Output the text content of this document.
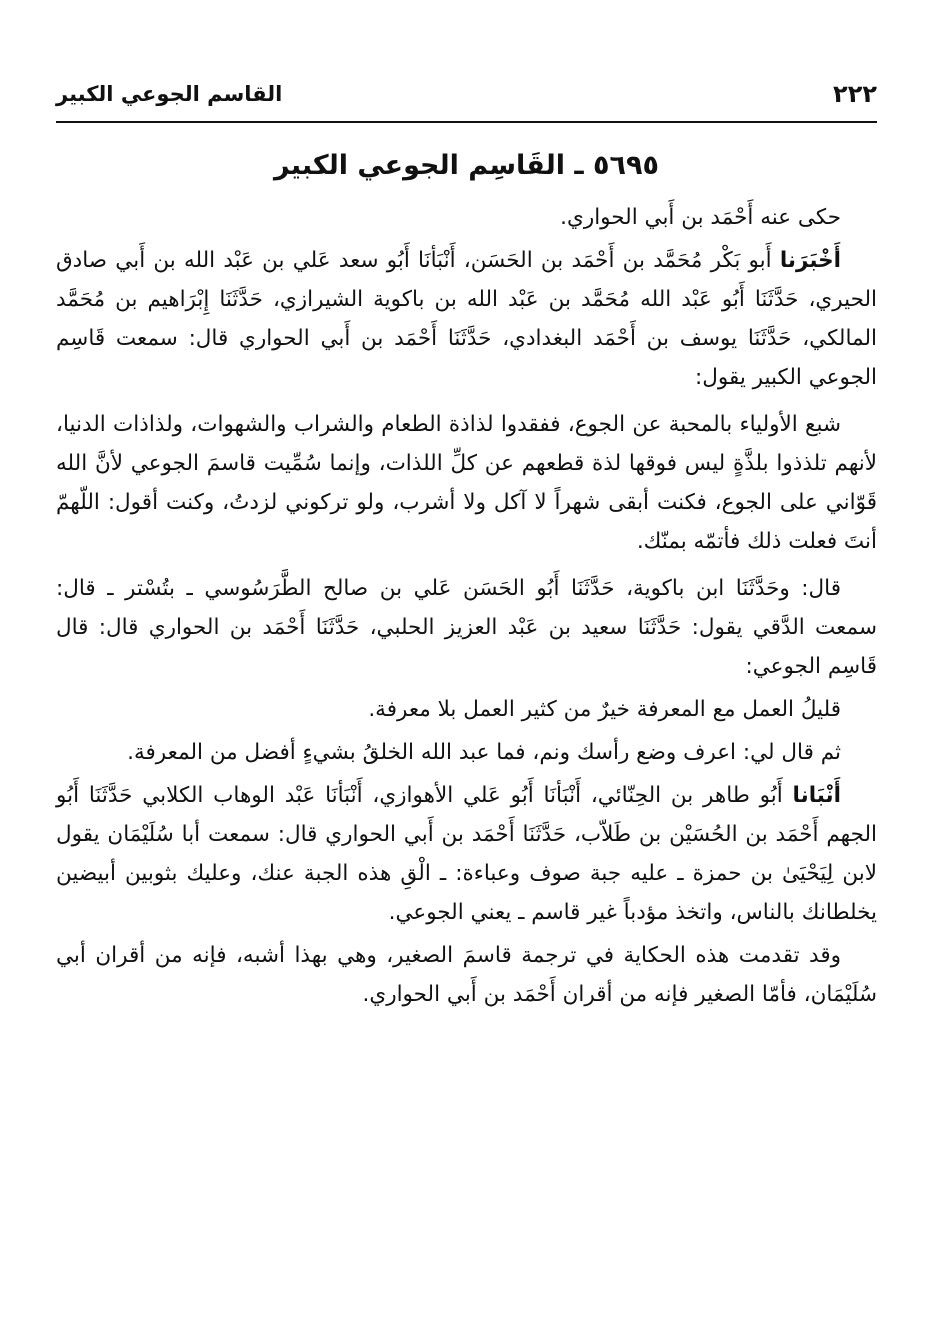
٢٢٢
القاسم الجوعي الكبير
٥٦٩٥ ـ القَاسِم الجوعي الكبير

حكى عنه أَحْمَد بن أَبي الحواري.

أَخْبَرَنا أَبو بَكْر مُحَمَّد بن أَحْمَد بن الحَسَن، أَنْبَأنَا أَبُو سعد عَلي بن عَبْد الله بن أَبي صادق الحيري، حَدَّثَنَا أَبُو عَبْد الله مُحَمَّد بن عَبْد الله بن باكوية الشيرازي، حَدَّثَنَا إِبْرَاهيم بن مُحَمَّد المالكي، حَدَّثَنَا يوسف بن أَحْمَد البغدادي، حَدَّثَنَا أَحْمَد بن أَبي الحواري قال: سمعت قَاسِم الجوعي الكبير يقول:

شبع الأولياء بالمحبة عن الجوع، ففقدوا لذاذة الطعام والشراب والشهوات، ولذاذات الدنيا، لأنهم تلذذوا بلذَّةٍ ليس فوقها لذة قطعهم عن كلِّ اللذات، وإنما سُمِّيت قاسمَ الجوعي لأنَّ الله قَوّاني على الجوع، فكنت أبقى شهراً لا آكل ولا أشرب، ولو تركوني لزدتُ، وكنت أقول: اللّهمّ أنتَ فعلت ذلك فأتمّه بمنّك.

قال: وحَدَّثَنَا ابن باكوية، حَدَّثَنَا أَبُو الحَسَن عَلي بن صالح الطَّرَسُوسي ـ بتُسْتر ـ قال: سمعت الدَّقي يقول: حَدَّثَنَا سعيد بن عَبْد العزيز الحلبي، حَدَّثَنَا أَحْمَد بن الحواري قال: قال قَاسِم الجوعي:

قليلُ العمل مع المعرفة خيرٌ من كثير العمل بلا معرفة.

ثم قال لي: اعرف وضع رأسك ونم، فما عبد الله الخلقُ بشيءٍ أفضل من المعرفة.

أَنْبَانا أَبُو طاهر بن الحِنّائي، أَنْبَأنَا أَبُو عَلي الأهوازي، أَنْبَأنَا عَبْد الوهاب الكلابي حَدَّثَنَا أَبُو الجهم أَحْمَد بن الحُسَيْن بن طَلاّب، حَدَّثَنَا أَحْمَد بن أَبي الحواري قال: سمعت أبا سُلَيْمَان يقول لابن لِيَحْيَىٰ بن حمزة ـ عليه جبة صوف وعباءة: ـ الْقِ هذه الجبة عنك، وعليك بثوبين أبيضين يخلطانك بالناس، واتخذ مؤدباً غير قاسم ـ يعني الجوعي.

وقد تقدمت هذه الحكاية في ترجمة قاسمَ الصغير، وهي بهذا أشبه، فإنه من أقران أبي سُلَيْمَان، فأمّا الصغير فإنه من أقران أَحْمَد بن أَبي الحواري.
